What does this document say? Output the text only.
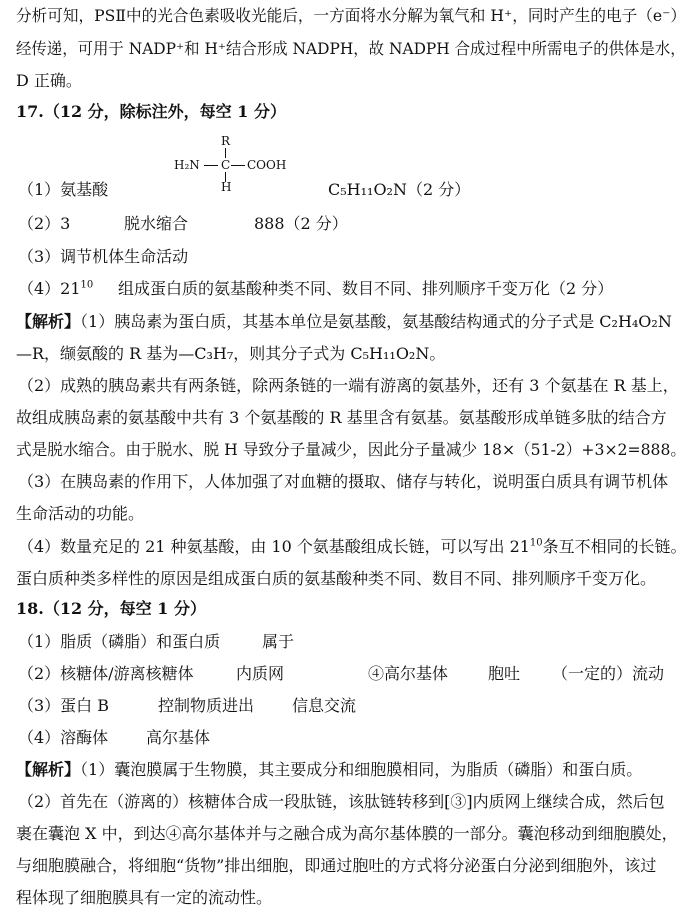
分析可知，PSⅡ中的光合色素吸收光能后，一方面将水分解为氧气和 H⁺，同时产生的电子（e⁻）
经传递，可用于 NADP⁺和 H⁺结合形成 NADPH，故 NADPH 合成过程中所需电子的供体是水，
D 正确。
17.（12 分，除标注外，每空 1 分）
R
H₂N C COOH
H
（1）氨基酸	C₅H₁₁O₂N（2 分）
（2）3	脱水缩合	888（2 分）
（3）调节机体生命活动
$(4)21^{10}$ 组成蛋白质的氨基酸种类不同、数目不同、排列顺序千变万化（2 分）
【解析】（1）胰岛素为蛋白质，其基本单位是氨基酸，氨基酸结构通式的分子式是 C₂H₄O₂N
—R，缬氨酸的 R 基为—C₃H₇，则其分子式为 C₅H₁₁O₂N。
（2）成熟的胰岛素共有两条链，除两条链的一端有游离的氨基外，还有 3 个氨基在 R 基上，
故组成胰岛素的氨基酸中共有 3 个氨基酸的 R 基里含有氨基。氨基酸形成单链多肽的结合方
式是脱水缩合。由于脱水、脱 H 导致分子量减少，因此分子量减少 18×（51-2）+3×2=888。
（3）在胰岛素的作用下，人体加强了对血糖的摄取、储存与转化，说明蛋白质具有调节机体
生命活动的功能。
（4）数量充足的 21 种氨基酸，由 10 个氨基酸组成长链，可以写出 $21^{10}$条互不相同的长链。
蛋白质种类多样性的原因是组成蛋白质的氨基酸种类不同、数目不同、排列顺序千变万化。
18.（12 分，每空 1 分）
（1）脂质（磷脂）和蛋白质	属于
（2）核糖体/游离核糖体	内质网	④高尔基体 胞吐 （一定的）流动
（3）蛋白 B	控制物质进出 信息交流
（4）溶酶体 高尔基体
【解析】（1）囊泡膜属于生物膜，其主要成分和细胞膜相同，为脂质（磷脂）和蛋白质。
（2）首先在（游离的）核糖体合成一段肽链，该肽链转移到[③]内质网上继续合成，然后包
裹在囊泡 X 中，到达④高尔基体并与之融合成为高尔基体膜的一部分。囊泡移动到细胞膜处，
与细胞膜融合，将细胞“货物”排出细胞，即通过胞吐的方式将分泌蛋白分泌到细胞外，该过
程体现了细胞膜具有一定的流动性。
